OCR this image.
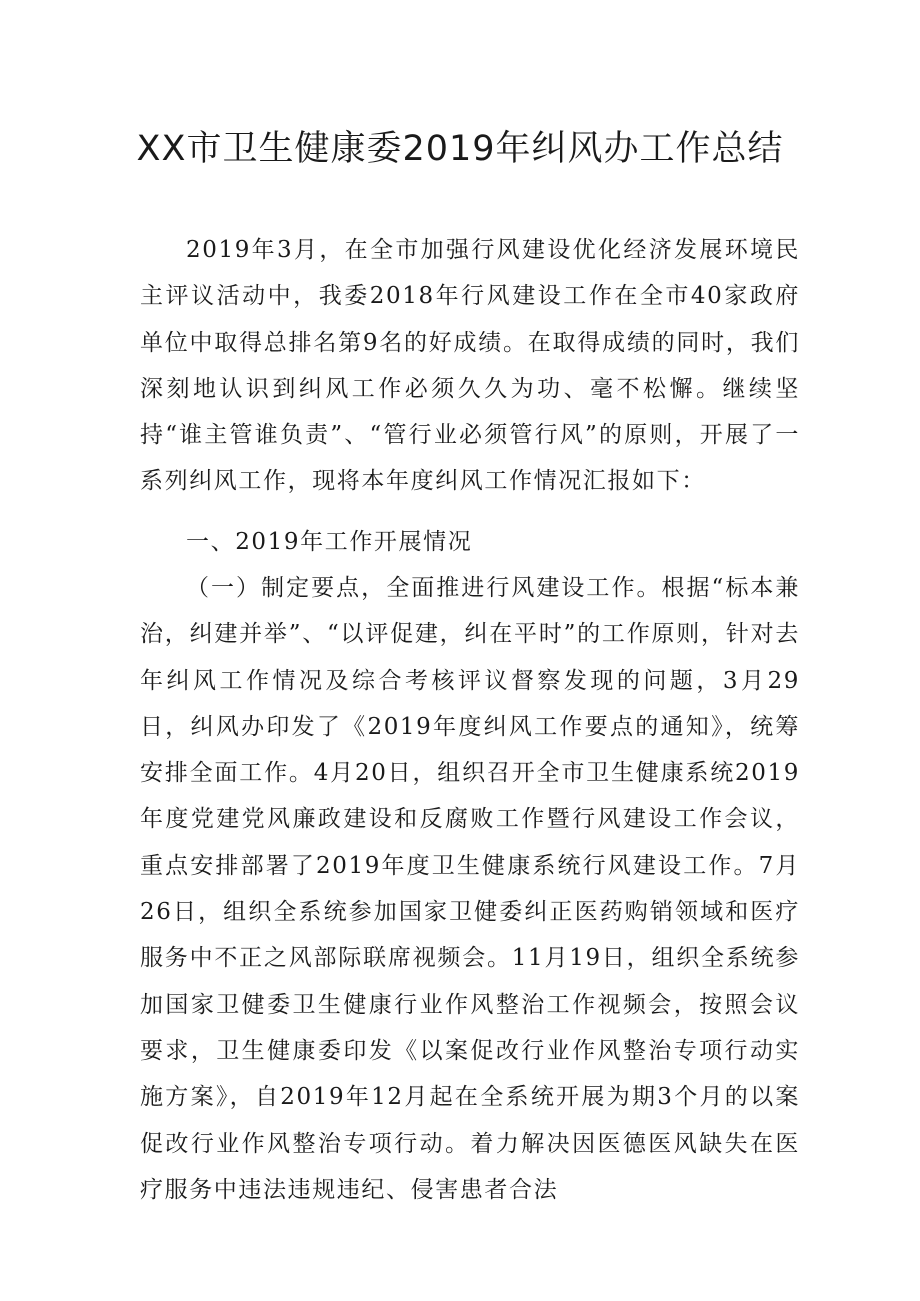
XX市卫生健康委2019年纠风办工作总结

2019年3月，在全市加强行风建设优化经济发展环境民主评议活动中，我委2018年行风建设工作在全市40家政府单位中取得总排名第9名的好成绩。在取得成绩的同时，我们深刻地认识到纠风工作必须久久为功、毫不松懈。继续坚持“谁主管谁负责”、“管行业必须管行风”的原则，开展了一系列纠风工作，现将本年度纠风工作情况汇报如下：

一、2019年工作开展情况

（一）制定要点，全面推进行风建设工作。根据“标本兼治，纠建并举”、“以评促建，纠在平时”的工作原则，针对去年纠风工作情况及综合考核评议督察发现的问题，3月29日，纠风办印发了《2019年度纠风工作要点的通知》，统筹安排全面工作。4月20日，组织召开全市卫生健康系统2019年度党建党风廉政建设和反腐败工作暨行风建设工作会议，重点安排部署了2019年度卫生健康系统行风建设工作。7月26日，组织全系统参加国家卫健委纠正医药购销领域和医疗服务中不正之风部际联席视频会。11月19日，组织全系统参加国家卫健委卫生健康行业作风整治工作视频会，按照会议要求，卫生健康委印发《以案促改行业作风整治专项行动实施方案》，自2019年12月起在全系统开展为期3个月的以案促改行业作风整治专项行动。着力解决因医德医风缺失在医疗服务中违法违规违纪、侵害患者合法
